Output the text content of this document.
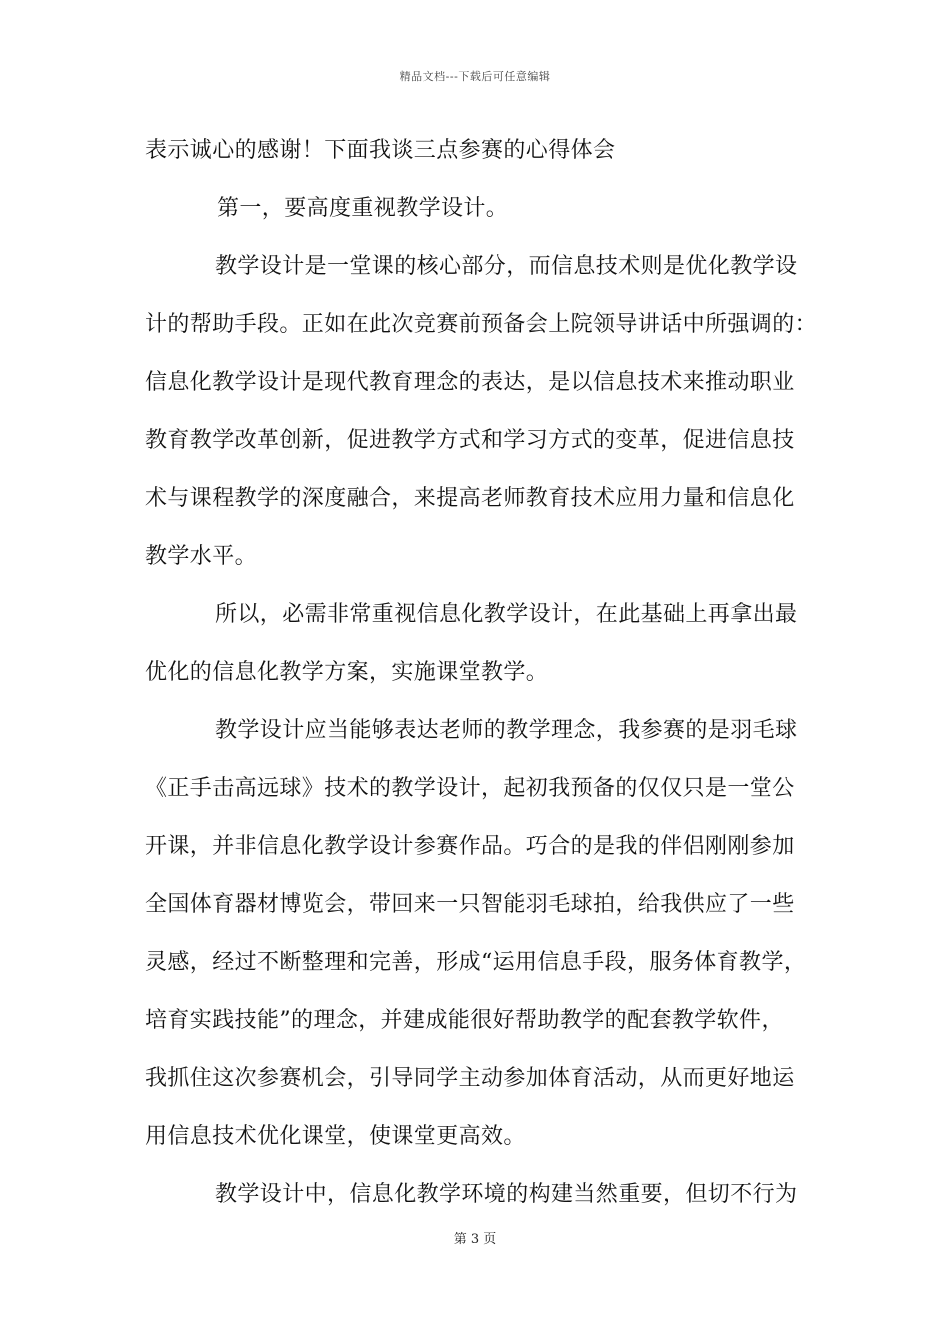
精品文档---下载后可任意编辑
表示诚心的感谢！下面我谈三点参赛的心得体会
第一，要高度重视教学设计。
教学设计是一堂课的核心部分，而信息技术则是优化教学设
计的帮助手段。正如在此次竞赛前预备会上院领导讲话中所强调的：
信息化教学设计是现代教育理念的表达，是以信息技术来推动职业
教育教学改革创新，促进教学方式和学习方式的变革，促进信息技
术与课程教学的深度融合，来提高老师教育技术应用力量和信息化
教学水平。
所以，必需非常重视信息化教学设计，在此基础上再拿出最
优化的信息化教学方案，实施课堂教学。
教学设计应当能够表达老师的教学理念，我参赛的是羽毛球
《正手击高远球》技术的教学设计，起初我预备的仅仅只是一堂公
开课，并非信息化教学设计参赛作品。巧合的是我的伴侣刚刚参加
全国体育器材博览会，带回来一只智能羽毛球拍，给我供应了一些
灵感，经过不断整理和完善，形成“运用信息手段，服务体育教学，
培育实践技能”的理念，并建成能很好帮助教学的配套教学软件，
我抓住这次参赛机会，引导同学主动参加体育活动，从而更好地运
用信息技术优化课堂，使课堂更高效。
教学设计中，信息化教学环境的构建当然重要，但切不行为
第 3 页
